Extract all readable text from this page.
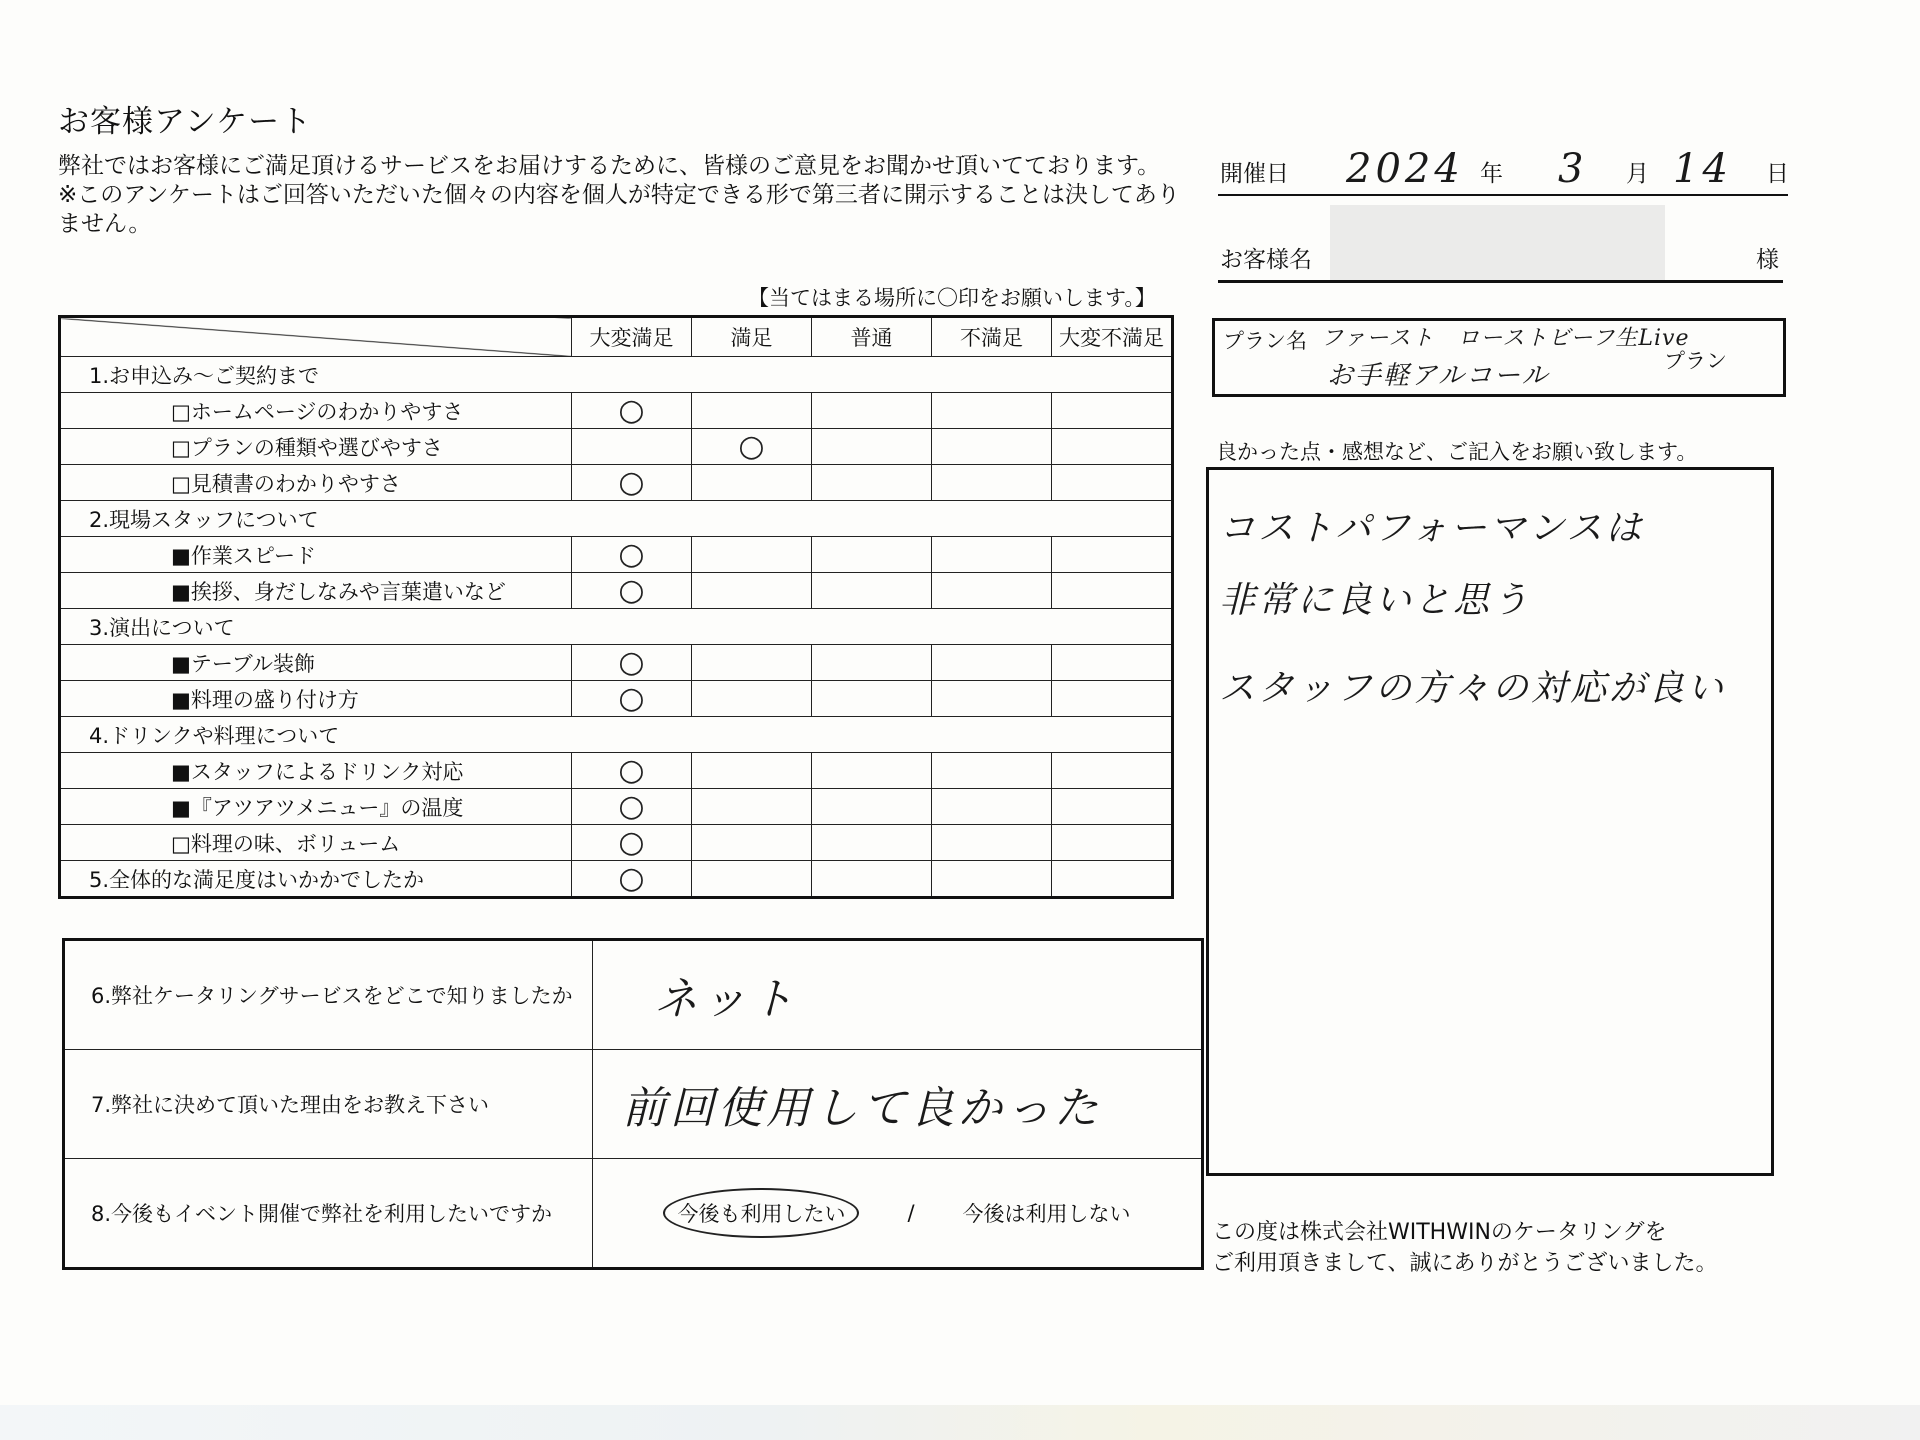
お客様アンケート
弊社ではお客様にご満足頂けるサービスをお届けするために、皆様のご意見をお聞かせ頂いてております。
※このアンケートはご回答いただいた個々の内容を個人が特定できる形で第三者に開示することは決してありません。
【当てはまる場所に〇印をお願いします。】
	大変満足	満足	普通	不満足	大変不満足
1.お申込み～ご契約まで					
□ホームページのわかりやすさ	○				
□プランの種類や選びやすさ		○			
□見積書のわかりやすさ	○				
2.現場スタッフについて					
■作業スピード	○				
■挨拶、身だしなみや言葉遣いなど	○				
3.演出について					
■テーブル装飾	○				
■料理の盛り付け方	○				
4.ドリンクや料理について					
■スタッフによるドリンク対応	○				
■『アツアツメニュー』の温度	○				
□料理の味、ボリューム	○				
5.全体的な満足度はいかかでしたか	○				
6.弊社ケータリングサービスをどこで知りましたか	ネット
7.弊社に決めて頂いた理由をお教え下さい	前回使用して良かった
8.今後もイベント開催で弊社を利用したいですか	今後も利用したい / 今後は利用しない
開催日 2024 年 3 月 14 日
お客様名	様
プラン名 ファースト　ローストビーフ生Live
お手軽アルコール	プラン
良かった点・感想など、ご記入をお願い致します。
コストパフォーマンスは
非常に良いと思う
スタッフの方々の対応が良い
この度は株式会社WITHWINのケータリングを
ご利用頂きまして、誠にありがとうございました。
